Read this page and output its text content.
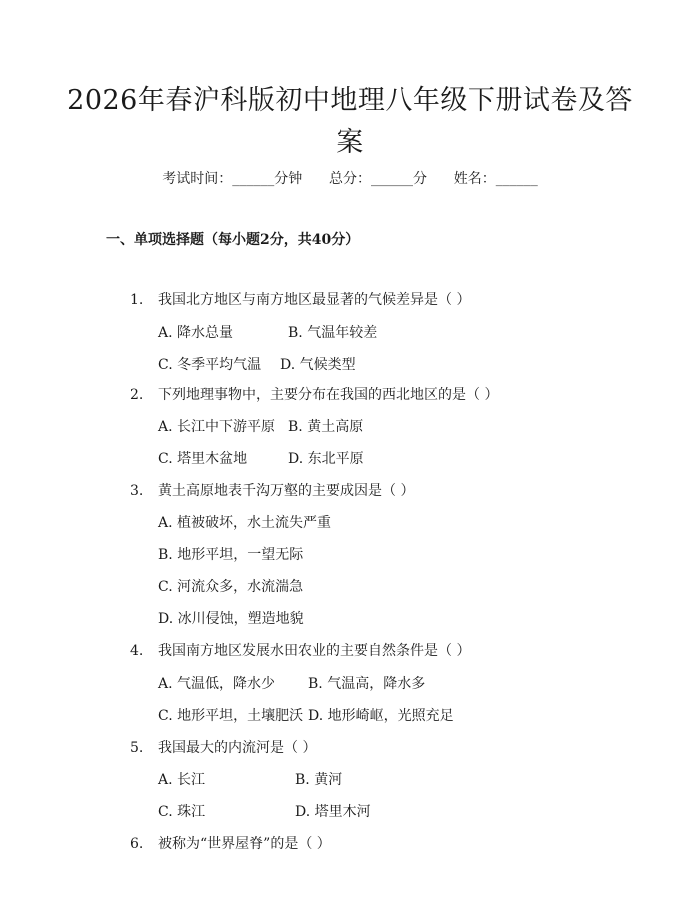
2026年春沪科版初中地理八年级下册试卷及答案
考试时间：______分钟      总分：______分      姓名：______
一、单项选择题（每小题2分，共40分）
1. 我国北方地区与南方地区最显著的气候差异是（ ）
A. 降水总量	B. 气温年较差
C. 冬季平均气温 D. 气候类型
2. 下列地理事物中，主要分布在我国的西北地区的是（ ）
A. 长江中下游平原 B. 黄土高原
C. 塔里木盆地	D. 东北平原
3. 黄土高原地表千沟万壑的主要成因是（ ）
A. 植被破坏，水土流失严重
B. 地形平坦，一望无际
C. 河流众多，水流湍急
D. 冰川侵蚀，塑造地貌
4. 我国南方地区发展水田农业的主要自然条件是（ ）
A. 气温低，降水少 B. 气温高，降水多
C. 地形平坦，土壤肥沃 D. 地形崎岖，光照充足
5. 我国最大的内流河是（ ）
A. 长江	B. 黄河
C. 珠江	D. 塔里木河
6. 被称为“世界屋脊”的是（ ）
